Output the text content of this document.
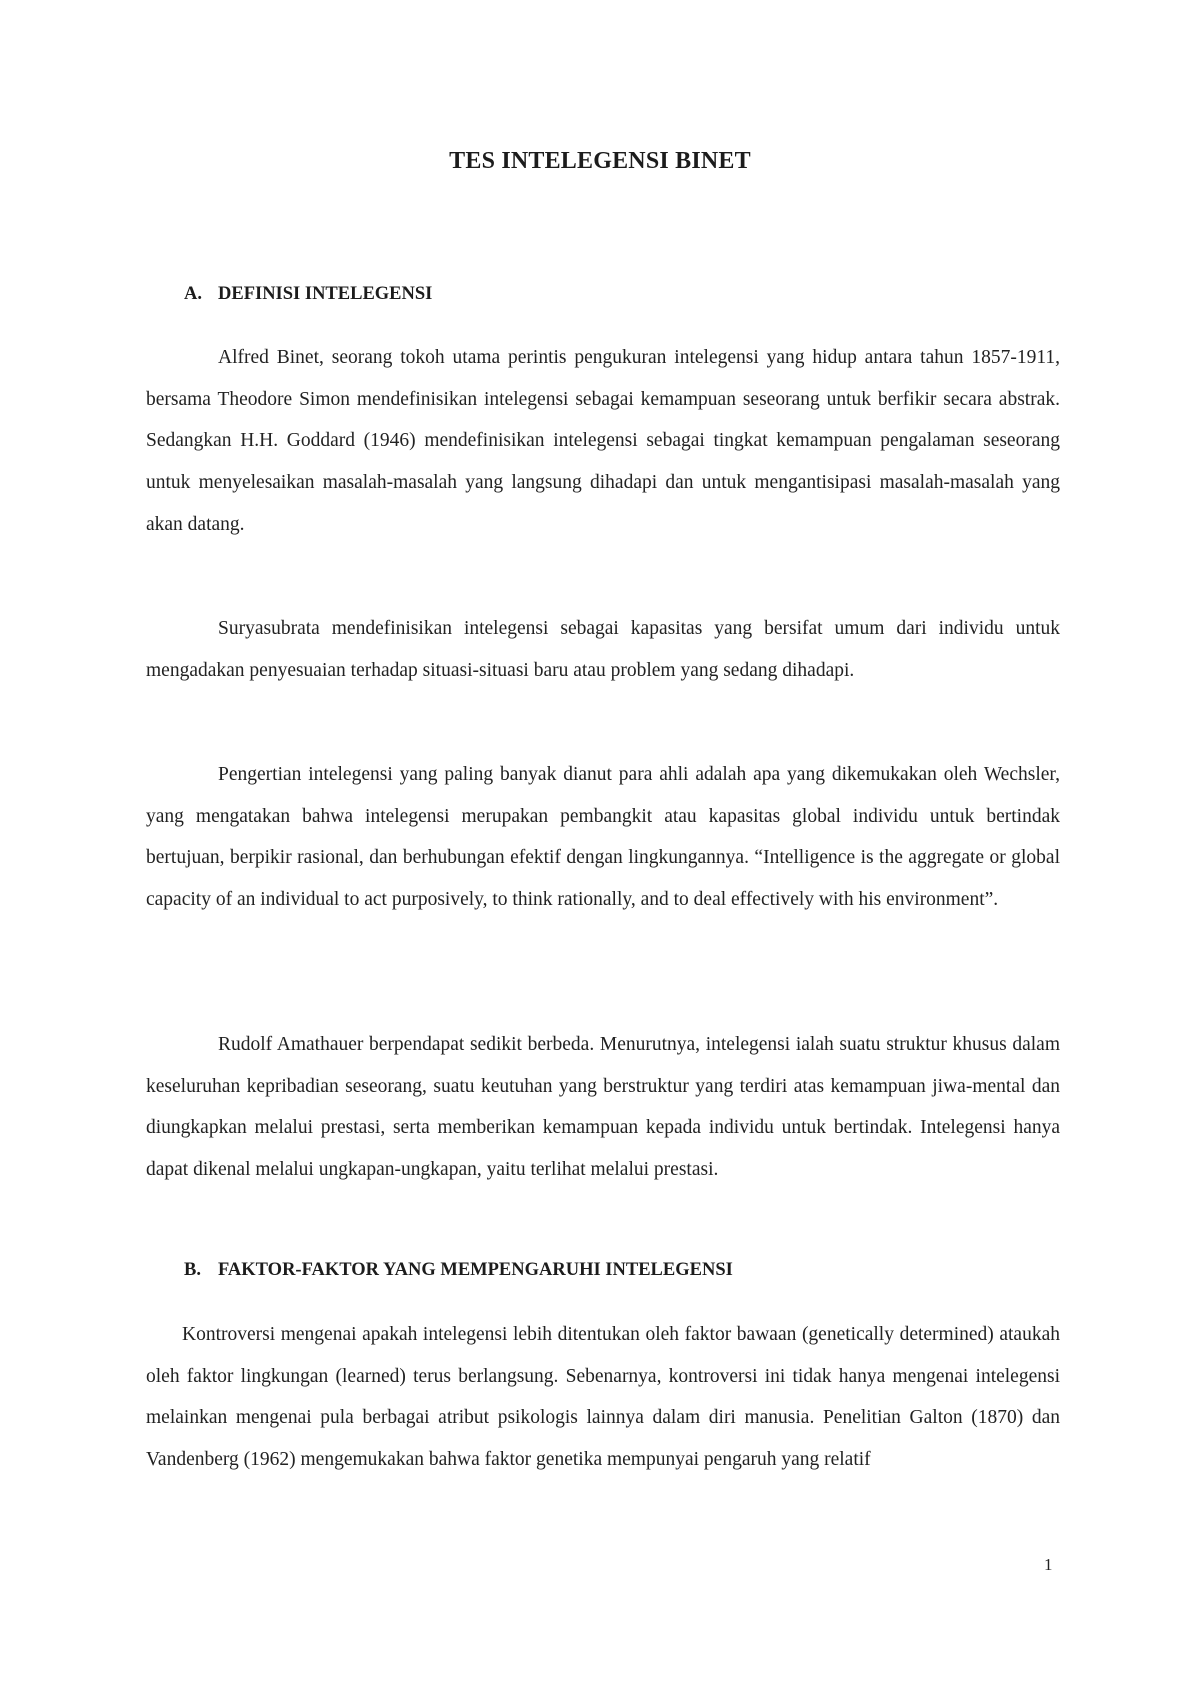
TES INTELEGENSI BINET
A. DEFINISI INTELEGENSI

Alfred Binet, seorang tokoh utama perintis pengukuran intelegensi yang hidup antara tahun 1857-1911, bersama Theodore Simon mendefinisikan intelegensi sebagai kemampuan seseorang untuk berfikir secara abstrak. Sedangkan H.H. Goddard (1946) mendefinisikan intelegensi sebagai tingkat kemampuan pengalaman seseorang untuk menyelesaikan masalah-masalah yang langsung dihadapi dan untuk mengantisipasi masalah-masalah yang akan datang.

Suryasubrata mendefinisikan intelegensi sebagai kapasitas yang bersifat umum dari individu untuk mengadakan penyesuaian terhadap situasi-situasi baru atau problem yang sedang dihadapi.

Pengertian intelegensi yang paling banyak dianut para ahli adalah apa yang dikemukakan oleh Wechsler, yang mengatakan bahwa intelegensi merupakan pembangkit atau kapasitas global individu untuk bertindak bertujuan, berpikir rasional, dan berhubungan efektif dengan lingkungannya. “Intelligence is the aggregate or global capacity of an individual to act purposively, to think rationally, and to deal effectively with his environment”.

Rudolf Amathauer berpendapat sedikit berbeda. Menurutnya, intelegensi ialah suatu struktur khusus dalam keseluruhan kepribadian seseorang, suatu keutuhan yang berstruktur yang terdiri atas kemampuan jiwa-mental dan diungkapkan melalui prestasi, serta memberikan kemampuan kepada individu untuk bertindak. Intelegensi hanya dapat dikenal melalui ungkapan-ungkapan, yaitu terlihat melalui prestasi.

B. FAKTOR-FAKTOR YANG MEMPENGARUHI INTELEGENSI

Kontroversi mengenai apakah intelegensi lebih ditentukan oleh faktor bawaan (genetically determined) ataukah oleh faktor lingkungan (learned) terus berlangsung. Sebenarnya, kontroversi ini tidak hanya mengenai intelegensi melainkan mengenai pula berbagai atribut psikologis lainnya dalam diri manusia. Penelitian Galton (1870) dan Vandenberg (1962) mengemukakan bahwa faktor genetika mempunyai pengaruh yang relatif

1
